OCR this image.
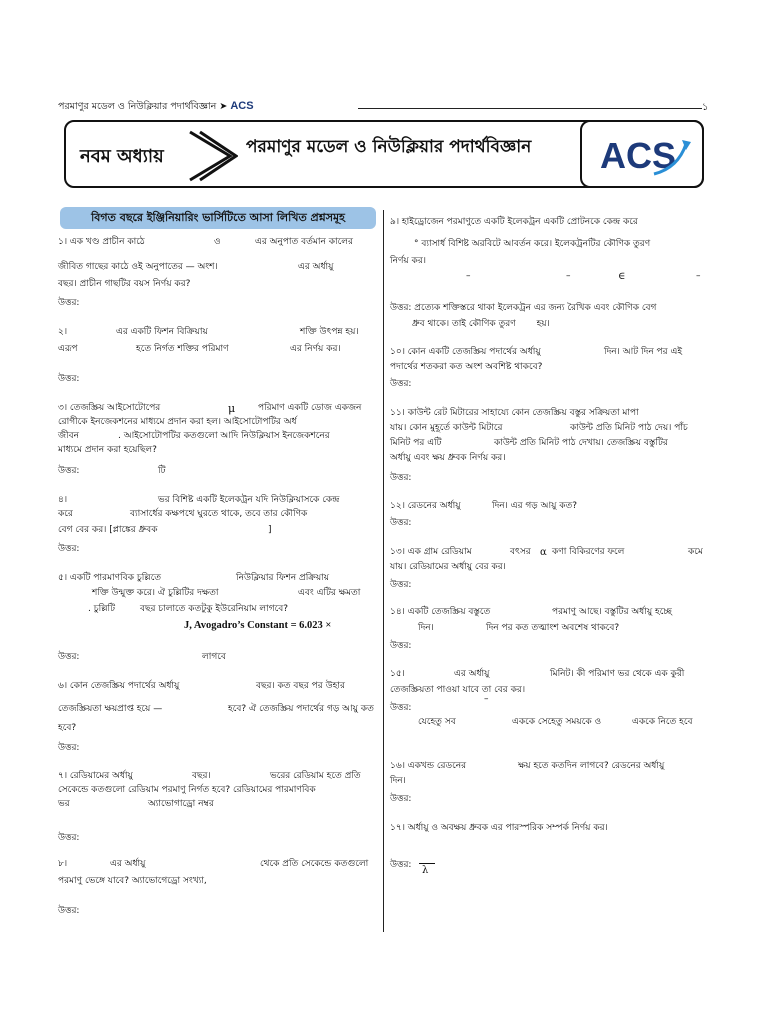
পরমাণুর মডেল ও নিউক্লিয়ার পদার্থবিজ্ঞান ➤ ACS	১
নবম অধ্যায়	পরমাণুর মডেল ও নিউক্লিয়ার পদার্থবিজ্ঞান ACS
বিগত বছরে ইঞ্জিনিয়ারিং ভার্সিটিতে আসা লিখিত প্রশ্নসমূহ
১। এক খণ্ড প্রাচীন কাঠে	ও	এর অনুপাত বর্তমান কালের
জীবিত গাছের কাঠে ওই অনুপাতের — অংশ।	এর অর্ধায়ু
বছর। প্রাচীন গাছটির বয়স নির্ণয় কর?
উত্তর:
২।	এর একটি ফিশন বিক্রিয়ায়	শক্তি উৎপন্ন হয়।
এরূপ	হতে নির্গত শক্তির পরিমাণ	এর নির্ণয় কর।
উত্তর:
৩। তেজস্ক্রিয় আইসোটোপের	μ	পরিমাণ একটি ডোজ একজন
রোগীকে ইনজেকশনের মাধ্যমে প্রদান করা হল। আইসোটোপটির অর্ধ
জীবন	. আইসোটোপটির কতগুলো আদি নিউক্লিয়াস ইনজেকশনের
মাধ্যমে প্রদান করা হয়েছিল?
উত্তর:	টি
৪।	ভর বিশিষ্ট একটি ইলেকট্রন যদি নিউক্লিয়াসকে কেন্দ্র
করে	ব্যাসার্ধের কক্ষপথে ঘুরতে থাকে, তবে তার কৌণিক
বেগ বের কর। [প্লাঙ্কের ধ্রুবক	]
উত্তর:
৫। একটি পারমাণবিক চুল্লিতে	নিউক্লিয়ার ফিশন প্রক্রিয়ায়
শক্তি উন্মুক্ত করে। ঐ চুল্লিটির দক্ষতা	এবং এটির ক্ষমতা
. চুল্লিটি	বছর চালাতে কতটুকু ইউরেনিয়াম লাগবে?
J, Avogadro’s Constant = 6.023 ×
উত্তর:	লাগবে
৬। কোন তেজস্ক্রিয় পদার্থের অর্ধায়ু	বছর। কত বছর পর উহার
তেজস্ক্রিয়তা ক্ষয়প্রাপ্ত হয়ে —	হবে? ঐ তেজস্ক্রিয় পদার্থের গড় আয়ু কত
হবে?
উত্তর:
৭। রেডিয়ামের অর্ধায়ু	বছর।	ভরের রেডিয়াম হতে প্রতি
সেকেন্ডে কতগুলো রেডিয়াম পরমাণু নির্গত হবে? রেডিয়ামের পারমাণবিক
ভর	অ্যাভোগাড্রো নম্বর
উত্তর:
৮।	এর অর্ধায়ু	থেকে প্রতি সেকেন্ডে কতগুলো
পরমাণু ভেঙ্গে যাবে? অ্যাভোগেড্রো সংখ্যা,
উত্তর:
৯। হাইড্রোজেন পরমাণুতে একটি ইলেকট্রন একটি প্রোটনকে কেন্দ্র করে
° ব্যাসার্ধ বিশিষ্ট অরবিটে আবর্তন করে। ইলেকট্রনটির কৌণিক তুরণ
নির্ণয় কর।
–	–	∈	–
উত্তর: প্রত্যেক শক্তিস্তরে থাকা ইলেকট্রন এর জন্য রৈখিক এবং কৌণিক বেগ
ধ্রুব থাকে। তাই কৌণিক তুরণ হয়।
১০। কোন একটি তেজস্ক্রিয় পদার্থের অর্ধায়ু	দিন। আট দিন পর এই
পদার্থের শতকরা কত অংশ অবশিষ্ট থাকবে?
উত্তর:
১১। কাউন্ট রেট মিটারের সাহায্যে কোন তেজস্ক্রিয় বস্তুর সক্রিয়তা মাপা
যায়। কোন মুহূর্তে কাউন্ট মিটারে	কাউন্ট প্রতি মিনিট পাঠ দেয়। পাঁচ
মিনিট পর এটি	কাউন্ট প্রতি মিনিট পাঠ দেখায়। তেজস্ক্রিয় বস্তুটির
অর্ধায়ু এবং ক্ষয় ধ্রুবক নির্ণয় কর।
উত্তর:
১২। রেডনের অর্ধায়ু	দিন। এর গড় আয়ু কত?
উত্তর:
১৩। এক গ্রাম রেডিয়াম	বৎসর α কণা বিকিরণের ফলে	কমে
যায়। রেডিয়ামের অর্ধায়ু বের কর।
উত্তর:
১৪। একটি তেজস্ক্রিয় বস্তুতে	পরমাণু আছে। বস্তুটির অর্ধায়ু হচ্ছে
দিন।	দিন পর কত তত্মাংশ অবশেষ থাকবে?
উত্তর:
১৫।	এর অর্ধায়ু	মিনিট। কী পরিমাণ ভর থেকে এক কুরী
তেজস্ক্রিয়তা পাওয়া যাবে তা বের কর।
উত্তর:
–
যেহেতু সব	এককে সেহেতু সময়কে ও	এককে নিতে হবে
১৬। একখন্ড রেডনের	ক্ষয় হতে কতদিন লাগবে? রেডনের অর্ধায়ু
দিন।
উত্তর:
১৭। অর্ধায়ু ও অবক্ষয় ধ্রুবক এর পারস্পরিক সম্পর্ক নির্ণয় কর।
উত্তর: λ
